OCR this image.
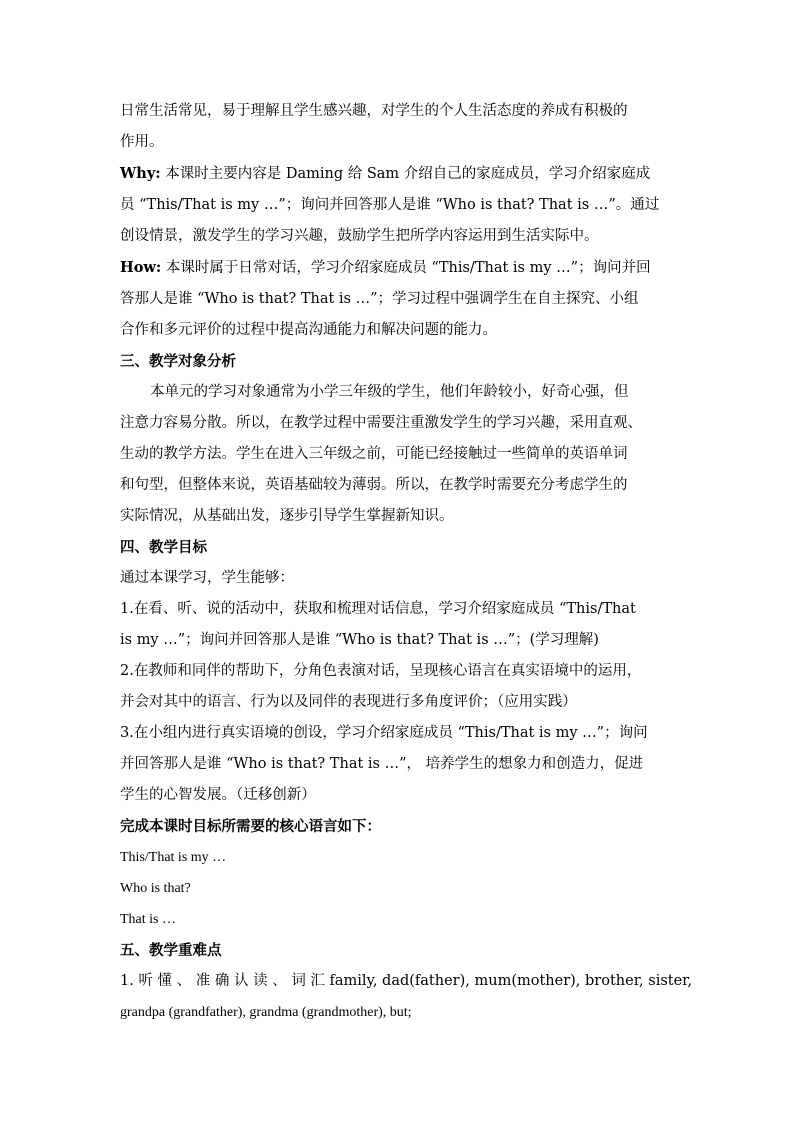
日常生活常见，易于理解且学生感兴趣，对学生的个人生活态度的养成有积极的
作用。
Why: 本课时主要内容是 Daming 给 Sam 介绍自己的家庭成员，学习介绍家庭成
员 “This/That is my …”；询问并回答那人是谁 “Who is that? That is …”。通过
创设情景，激发学生的学习兴趣，鼓励学生把所学内容运用到生活实际中。
How: 本课时属于日常对话，学习介绍家庭成员 “This/That is my …”；询问并回
答那人是谁 “Who is that? That is …”；学习过程中强调学生在自主探究、小组
合作和多元评价的过程中提高沟通能力和解决问题的能力。
三、教学对象分析
本单元的学习对象通常为小学三年级的学生，他们年龄较小，好奇心强，但
注意力容易分散。所以，在教学过程中需要注重激发学生的学习兴趣，采用直观、
生动的教学方法。学生在进入三年级之前，可能已经接触过一些简单的英语单词
和句型，但整体来说，英语基础较为薄弱。所以，在教学时需要充分考虑学生的
实际情况，从基础出发，逐步引导学生掌握新知识。
四、教学目标
通过本课学习，学生能够：
1.在看、听、说的活动中，获取和梳理对话信息，学习介绍家庭成员 “This/That
is my …”；询问并回答那人是谁 “Who is that? That is …”；(学习理解)
2.在教师和同伴的帮助下，分角色表演对话，呈现核心语言在真实语境中的运用，
并会对其中的语言、行为以及同伴的表现进行多角度评价；（应用实践）
3.在小组内进行真实语境的创设，学习介绍家庭成员 “This/That is my …”；询问
并回答那人是谁 “Who is that? That is …”， 培养学生的想象力和创造力，促进
学生的心智发展。（迁移创新）
完成本课时目标所需要的核心语言如下：
This/That is my …
Who is that?
That is …
五、教学重难点
1. 听 懂 、 准 确 认 读 、 词 汇 family, dad(father), mum(mother), brother, sister,
grandpa (grandfather), grandma (grandmother), but;
